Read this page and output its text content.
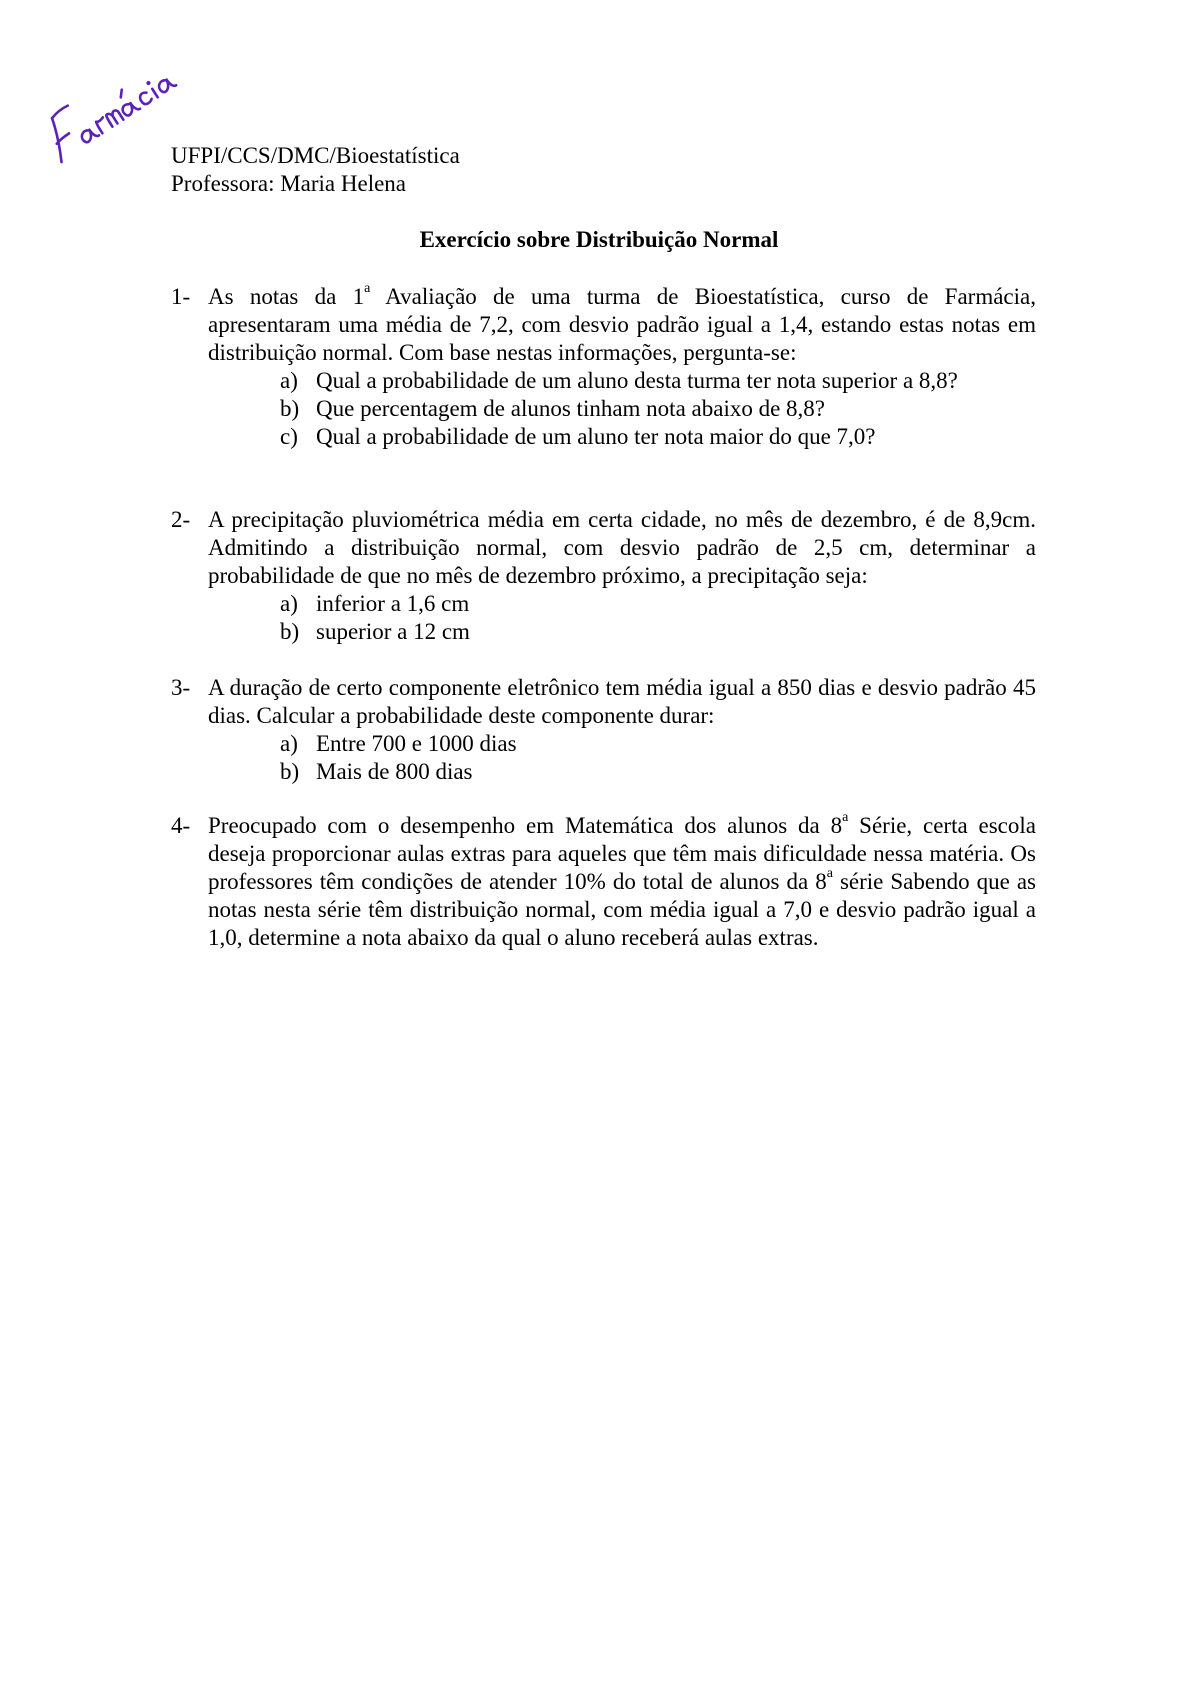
UFPI/CCS/DMC/Bioestatística
Professora: Maria Helena
Exercício sobre Distribuição Normal
1- As notas da 1$^a$ Avaliação de uma turma de Bioestatística, curso de Farmácia, apresentaram uma média de 7,2, com desvio padrão igual a 1,4, estando estas notas em distribuição normal. Com base nestas informações, pergunta-se:
a) Qual a probabilidade de um aluno desta turma ter nota superior a 8,8?
b) Que percentagem de alunos tinham nota abaixo de 8,8?
c) Qual a probabilidade de um aluno ter nota maior do que 7,0?
2- A precipitação pluviométrica média em certa cidade, no mês de dezembro, é de 8,9cm. Admitindo a distribuição normal, com desvio padrão de 2,5 cm, determinar a probabilidade de que no mês de dezembro próximo, a precipitação seja:
a) inferior a 1,6 cm
b) superior a 12 cm
3- A duração de certo componente eletrônico tem média igual a 850 dias e desvio padrão 45 dias. Calcular a probabilidade deste componente durar:
a) Entre 700 e 1000 dias
b) Mais de 800 dias
4- Preocupado com o desempenho em Matemática dos alunos da 8$^a$ Série, certa escola deseja proporcionar aulas extras para aqueles que têm mais dificuldade nessa matéria. Os professores têm condições de atender 10% do total de alunos da 8$^a$ série Sabendo que as notas nesta série têm distribuição normal, com média igual a 7,0 e desvio padrão igual a 1,0, determine a nota abaixo da qual o aluno receberá aulas extras.
